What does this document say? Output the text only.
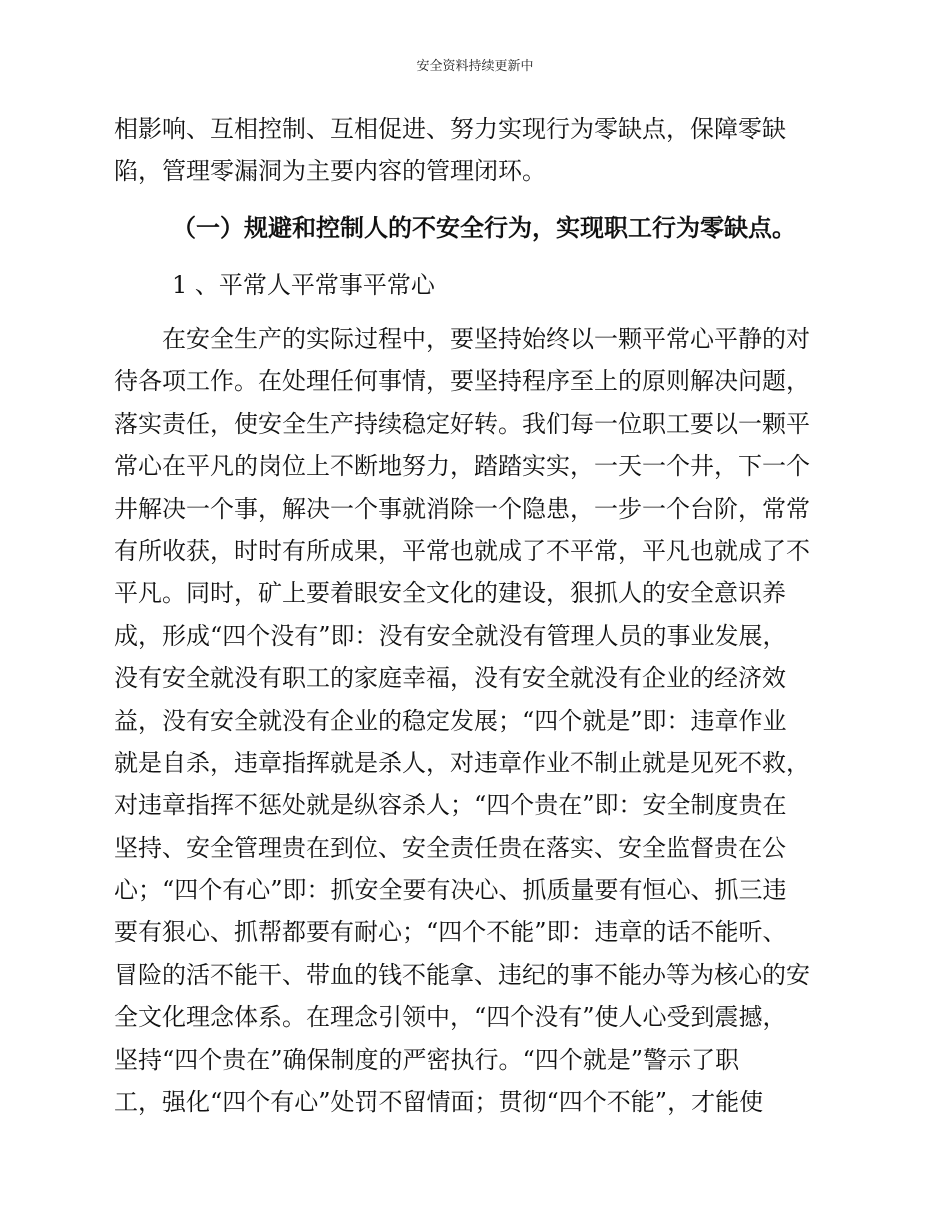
安全资料持续更新中
相影响、互相控制、互相促进、努力实现行为零缺点，保障零缺
陷，管理零漏洞为主要内容的管理闭环。
（一）规避和控制人的不安全行为，实现职工行为零缺点。
1 、平常人平常事平常心
在安全生产的实际过程中，要坚持始终以一颗平常心平静的对
待各项工作。在处理任何事情，要坚持程序至上的原则解决问题，
落实责任，使安全生产持续稳定好转。我们每一位职工要以一颗平
常心在平凡的岗位上不断地努力，踏踏实实，一天一个井，下一个
井解决一个事，解决一个事就消除一个隐患，一步一个台阶，常常
有所收获，时时有所成果，平常也就成了不平常，平凡也就成了不
平凡。同时，矿上要着眼安全文化的建设，狠抓人的安全意识养
成，形成“四个没有”即：没有安全就没有管理人员的事业发展，
没有安全就没有职工的家庭幸福，没有安全就没有企业的经济效
益，没有安全就没有企业的稳定发展；“四个就是”即：违章作业
就是自杀，违章指挥就是杀人，对违章作业不制止就是见死不救，
对违章指挥不惩处就是纵容杀人；“四个贵在”即：安全制度贵在
坚持、安全管理贵在到位、安全责任贵在落实、安全监督贵在公
心；“四个有心”即：抓安全要有决心、抓质量要有恒心、抓三违
要有狠心、抓帮都要有耐心；“四个不能”即：违章的话不能听、
冒险的活不能干、带血的钱不能拿、违纪的事不能办等为核心的安
全文化理念体系。在理念引领中，“四个没有”使人心受到震撼，
坚持“四个贵在”确保制度的严密执行。“四个就是”警示了职
工，强化“四个有心”处罚不留情面；贯彻“四个不能”，才能使
